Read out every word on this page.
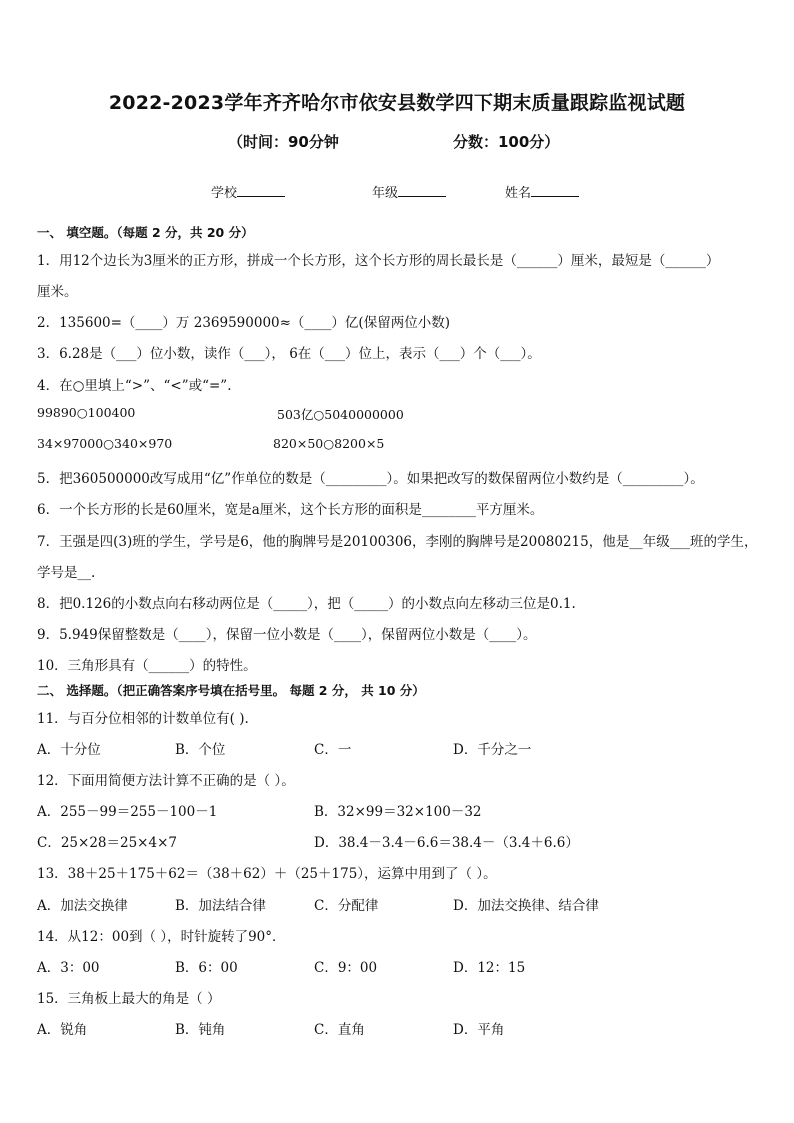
2022-2023学年齐齐哈尔市依安县数学四下期末质量跟踪监视试题
（时间：90分钟	分数：100分）
学校	年级	姓名
一、 填空题。（每题 2 分，共 20 分）
1．用12个边长为3厘米的正方形，拼成一个长方形，这个长方形的周长最长是（______）厘米，最短是（______）
厘米。
2．135600=（____）万 2369590000≈（____）亿(保留两位小数)
3．6.28是（___）位小数，读作（___）， 6在（___）位上，表示（___）个（___）。
4．在○里填上“>”、“<”或“=”.
99890○100400	503亿○5040000000
34×97000○340×970	820×50○8200×5
5．把360500000改写成用“亿”作单位的数是（_________）。如果把改写的数保留两位小数约是（_________）。
6．一个长方形的长是60厘米，宽是a厘米，这个长方形的面积是________平方厘米。
7．王强是四(3)班的学生，学号是6，他的胸牌号是20100306，李刚的胸牌号是20080215，他是__年级___班的学生，
学号是__.
8．把0.126的小数点向右移动两位是（_____），把（_____）的小数点向左移动三位是0.1.
9．5.949保留整数是（____），保留一位小数是（____），保留两位小数是（____）。
10．三角形具有（______）的特性。
二、 选择题。（把正确答案序号填在括号里。 每题 2 分， 共 10 分）
11．与百分位相邻的计数单位有( ).
A．十分位	B．个位	C．一	D．千分之一
12．下面用简便方法计算不正确的是（ ）。
A．255－99＝255－100－1	B．32×99＝32×100－32
C．25×28＝25×4×7	D．38.4－3.4－6.6＝38.4－（3.4＋6.6）
13．38＋25＋175＋62＝（38＋62）＋（25＋175），运算中用到了（ ）。
A．加法交换律	B．加法结合律	C．分配律	D．加法交换律、结合律
14．从12：00到（ ），时针旋转了90°．
A．3：00	B．6：00	C．9：00	D．12：15
15．三角板上最大的角是（ ）
A．锐角	B．钝角	C．直角	D．平角
